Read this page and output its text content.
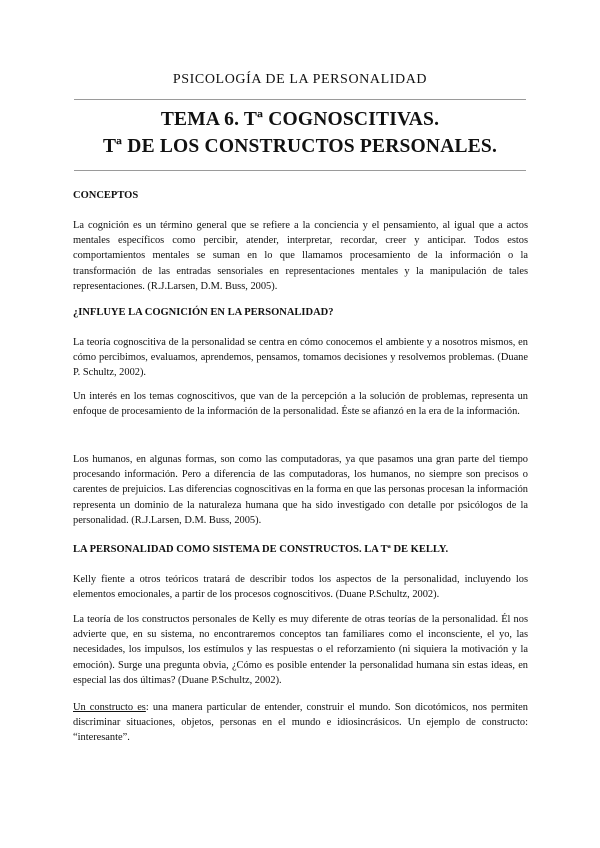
PSICOLOGÍA DE LA PERSONALIDAD
TEMA 6. Tª COGNOSCITIVAS.
Tª DE LOS CONSTRUCTOS PERSONALES.
CONCEPTOS
La cognición es un término general que se refiere a la conciencia y el pensamiento, al igual que a actos mentales específicos como percibir, atender, interpretar, recordar, creer y anticipar. Todos estos comportamientos mentales se suman en lo que llamamos procesamiento de la información o la transformación de las entradas sensoriales en representaciones mentales y la manipulación de tales representaciones. (R.J.Larsen, D.M. Buss, 2005).
¿INFLUYE LA COGNICIÓN EN LA PERSONALIDAD?
La teoría cognoscitiva de la personalidad se centra en cómo conocemos el ambiente y a nosotros mismos, en cómo percibimos, evaluamos, aprendemos, pensamos, tomamos decisiones y resolvemos problemas. (Duane P. Schultz, 2002).
Un interés en los temas cognoscitivos, que van de la percepción a la solución de problemas, representa un enfoque de procesamiento de la información de la personalidad. Éste se afianzó en la era de la información.
Los humanos, en algunas formas, son como las computadoras, ya que pasamos una gran parte del tiempo procesando información. Pero a diferencia de las computadoras, los humanos, no siempre son precisos o carentes de prejuicios. Las diferencias cognoscitivas en la forma en que las personas procesan la información representa un dominio de la naturaleza humana que ha sido investigado con detalle por psicólogos de la personalidad. (R.J.Larsen, D.M. Buss, 2005).
LA PERSONALIDAD COMO SISTEMA DE CONSTRUCTOS. LA Tª DE KELLY.
Kelly fiente a otros teóricos tratará de describir todos los aspectos de la personalidad, incluyendo los elementos emocionales, a partir de los procesos cognoscitivos. (Duane P.Schultz, 2002).
La teoría de los constructos personales de Kelly es muy diferente de otras teorías de la personalidad. Él nos advierte que, en su sistema, no encontraremos conceptos tan familiares como el inconsciente, el yo, las necesidades, los impulsos, los estímulos y las respuestas o el reforzamiento (ni siquiera la motivación y la emoción). Surge una pregunta obvia, ¿Cómo es posible entender la personalidad humana sin estas ideas, en especial las dos últimas? (Duane P.Schultz, 2002).
Un constructo es: una manera particular de entender, construir el mundo. Son dicotómicos, nos permiten discriminar situaciones, objetos, personas en el mundo e idiosincrásicos. Un ejemplo de constructo: “interesante”.
